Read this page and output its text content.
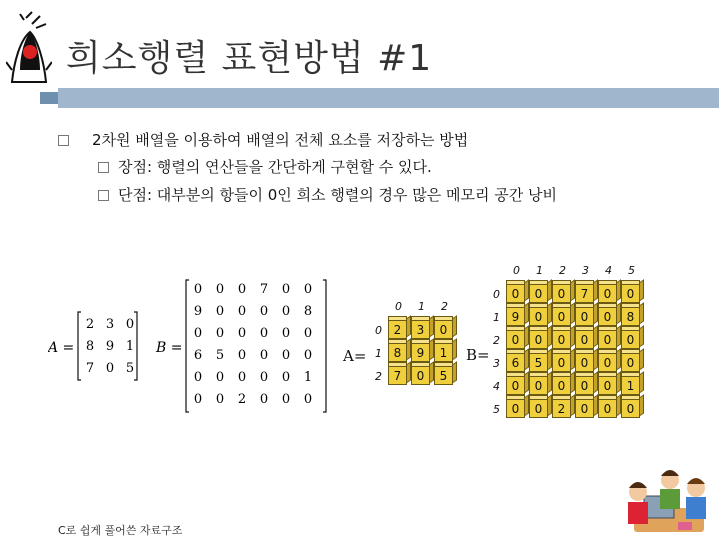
희소행렬 표현방법 #1
2차원 배열을 이용하여 배열의 전체 요소를 저장하는 방법
장점: 행렬의 연산들을 간단하게 구현할 수 있다.
단점: 대부분의 항들이 0인 희소 행렬의 경우 많은 메모리 공간 낭비
A =
2 3 0
8 9 1
7 0 5
B =
0 0 0 7 0 0
9 0 0 0 0 8
0 0 0 0 0 0
6 5 0 0 0 0
0 0 0 0 0 1
0 0 2 0 0 0
0 1 2
0
1
2
2	3	0
8	9	1
7	0	5
A=
0 1 2 3 4 5
0
1
2
3
4
5
0	0	0	7	0	0
9	0	0	0	0	8
0	0	0	0	0	0
6	5	0	0	0	0
0	0	0	0	0	1
0	0	2	0	0	0
B=
C로 쉽게 풀어쓴 자료구조
